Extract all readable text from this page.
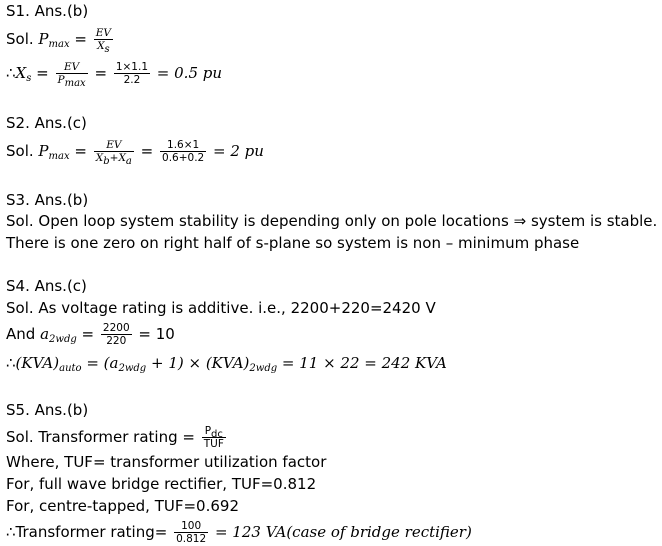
S1. Ans.(b)
Sol. $P_{max} = \frac{EV}{X_s}$
$\therefore X_s = \frac{EV}{P_{max}} = \frac{1\times 1.1}{2.2} = 0.5$ pu
S2. Ans.(c)
Sol. $P_{max} = \frac{EV}{X_b+X_a} = \frac{1.6\times 1}{0.6+0.2} = 2$ pu
S3. Ans.(b)
Sol. Open loop system stability is depending only on pole locations ⇒ system is stable.
There is one zero on right half of s-plane so system is non – minimum phase
S4. Ans.(c)
Sol. As voltage rating is additive. i.e., 2200+220=2420 V
And $a_{2wdg} = \frac{2200}{220} = 10$
$\therefore(KVA)_{auto} = (a_{2wdg} + 1) \times (KVA)_{2wdg} = 11 \times 22 = 242$ KVA
S5. Ans.(b)
Sol. Transformer rating = $\frac{P_{dc}}{\text{TUF}}$
Where, TUF= transformer utilization factor
For, full wave bridge rectifier, TUF=0.812
For, centre-tapped, TUF=0.692
∴Transformer rating= $\frac{100}{0.812} = 123$ VA(case of bridge rectifier)
